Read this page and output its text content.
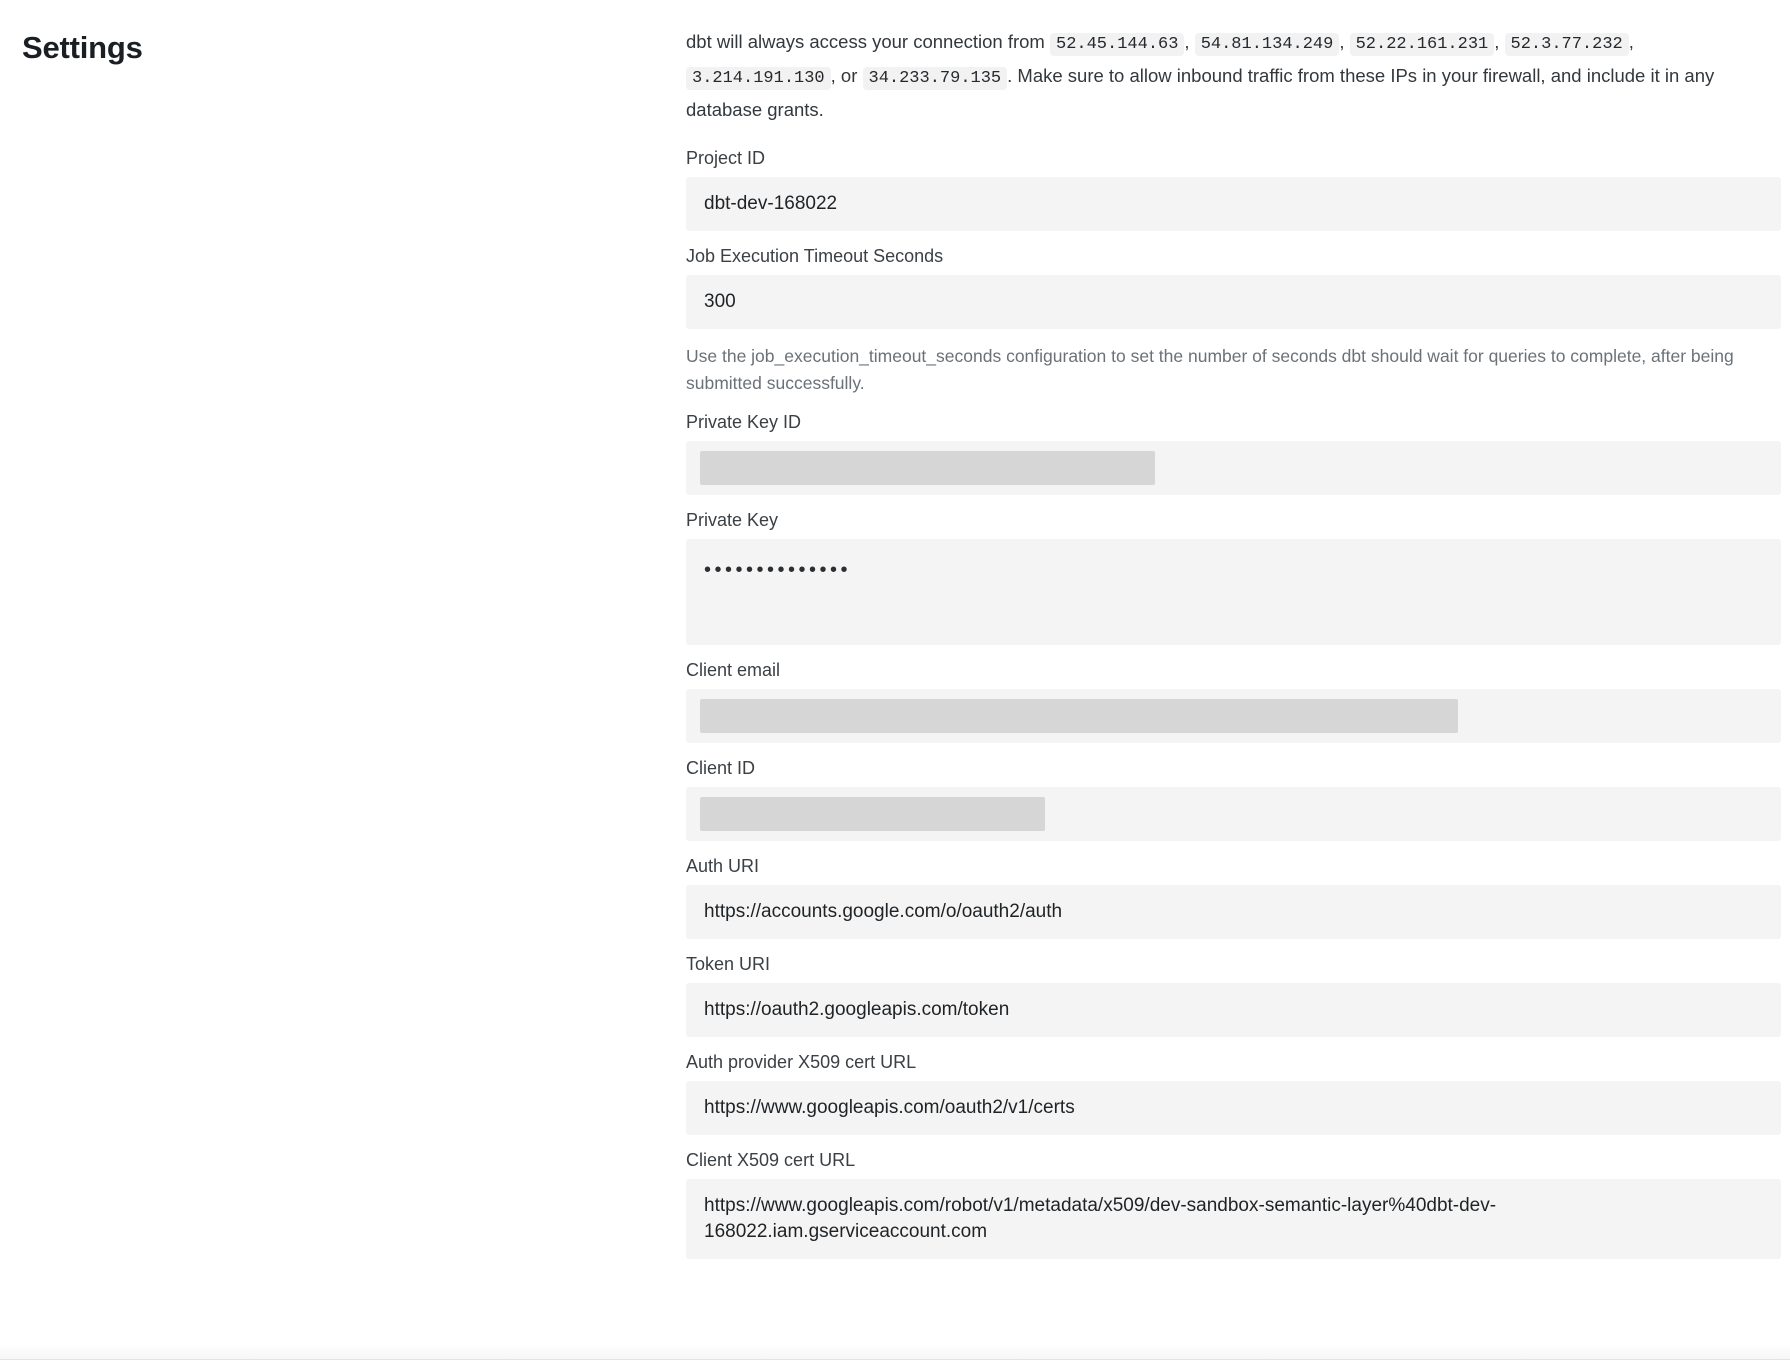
Settings	dbt will always access your connection from 52.45.144.63 , 54.81.134.249 , 52.22.161.231 , 52.3.77.232 , 3.214.191.130 , or 34.233.79.135 . Make sure to allow inbound traffic from these IPs in your firewall, and include it in any database grants.

Project ID
dbt-dev-168022
Job Execution Timeout Seconds
300
Use the job_execution_timeout_seconds configuration to set the number of seconds dbt should wait for queries to complete, after being submitted successfully.
Private Key ID
Private Key
••••••••••••••
Client email
Client ID
Auth URI
https://accounts.google.com/o/oauth2/auth
Token URI
https://oauth2.googleapis.com/token
Auth provider X509 cert URL
https://www.googleapis.com/oauth2/v1/certs
Client X509 cert URL
https://www.googleapis.com/robot/v1/metadata/x509/dev-sandbox-semantic-layer%40dbt-dev-168022.iam.gserviceaccount.com
